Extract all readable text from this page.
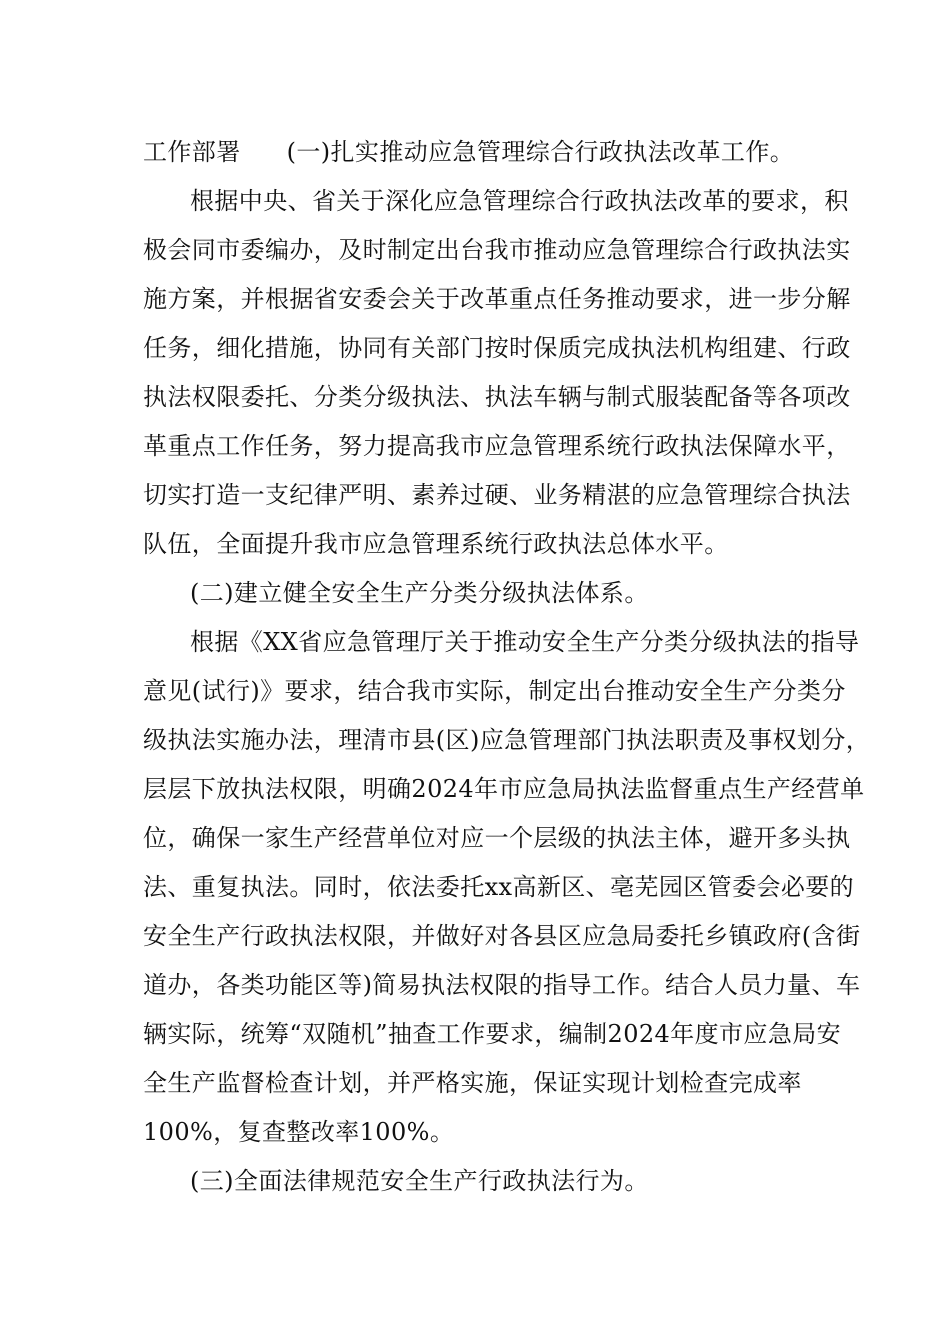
工作部署 (一)扎实推动应急管理综合行政执法改革工作。
根据中央、省关于深化应急管理综合行政执法改革的要求，积
极会同市委编办，及时制定出台我市推动应急管理综合行政执法实
施方案，并根据省安委会关于改革重点任务推动要求，进一步分解
任务，细化措施，协同有关部门按时保质完成执法机构组建、行政
执法权限委托、分类分级执法、执法车辆与制式服装配备等各项改
革重点工作任务，努力提高我市应急管理系统行政执法保障水平，
切实打造一支纪律严明、素养过硬、业务精湛的应急管理综合执法
队伍，全面提升我市应急管理系统行政执法总体水平。
(二)建立健全安全生产分类分级执法体系。
根据《XX省应急管理厅关于推动安全生产分类分级执法的指导
意见(试行)》要求，结合我市实际，制定出台推动安全生产分类分
级执法实施办法，理清市县(区)应急管理部门执法职责及事权划分，
层层下放执法权限，明确2024年市应急局执法监督重点生产经营单
位，确保一家生产经营单位对应一个层级的执法主体，避开多头执
法、重复执法。同时，依法委托xx高新区、亳芜园区管委会必要的
安全生产行政执法权限，并做好对各县区应急局委托乡镇政府(含街
道办，各类功能区等)简易执法权限的指导工作。结合人员力量、车
辆实际，统筹“双随机”抽查工作要求，编制2024年度市应急局安
全生产监督检查计划，并严格实施，保证实现计划检查完成率
100%，复查整改率100%。
(三)全面法律规范安全生产行政执法行为。
